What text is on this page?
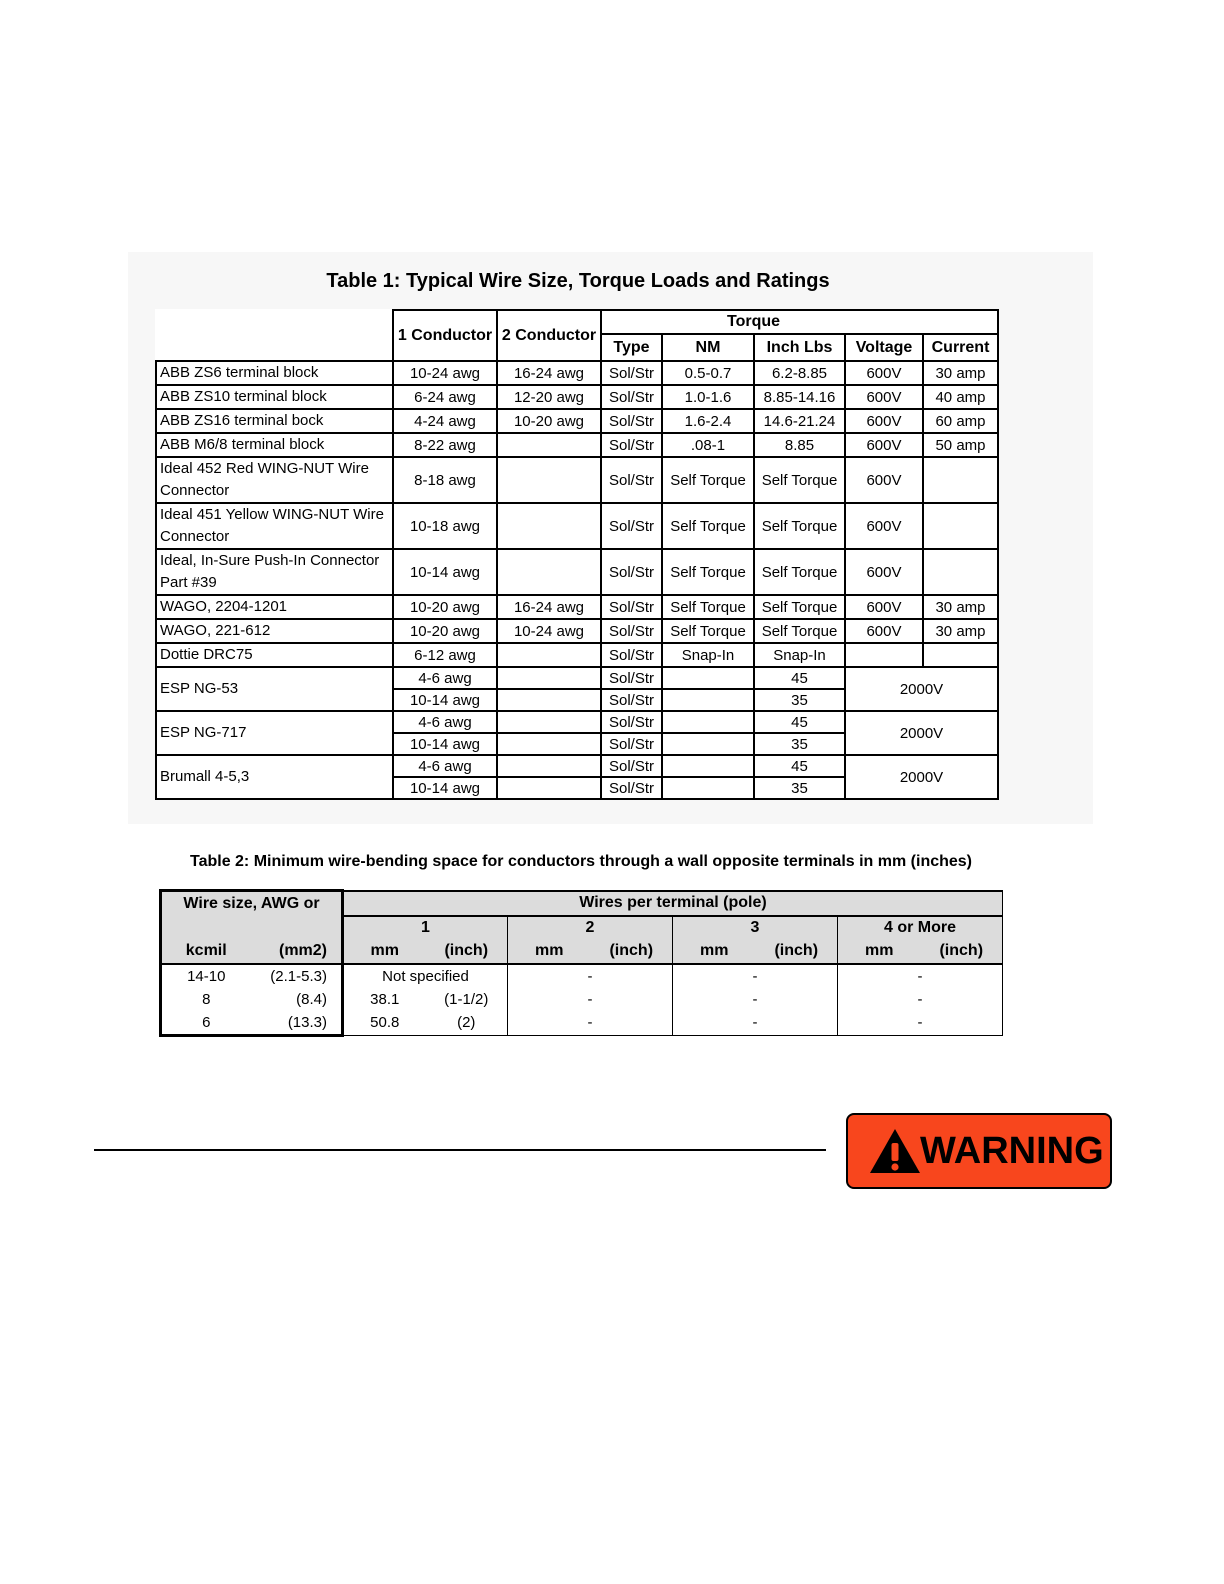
Table 1: Typical Wire Size, Torque Loads and Ratings
	1 Conductor	2 Conductor		Torque			
			Type	NM	Inch Lbs	Voltage	Current
ABB ZS6 terminal block	10-24 awg	16-24 awg	Sol/Str	0.5-0.7	6.2-8.85	600V	30 amp
ABB ZS10 terminal block	6-24 awg	12-20 awg	Sol/Str	1.0-1.6	8.85-14.16	600V	40 amp
ABB ZS16 terminal bock	4-24 awg	10-20 awg	Sol/Str	1.6-2.4	14.6-21.24	600V	60 amp
ABB M6/8 terminal block	8-22 awg		Sol/Str	.08-1	8.85	600V	50 amp
Ideal 452 Red WING-NUT Wire Connector	8-18 awg		Sol/Str	Self Torque	Self Torque	600V	
Ideal 451 Yellow WING-NUT Wire Connector	10-18 awg		Sol/Str	Self Torque	Self Torque	600V	
Ideal, In-Sure Push-In Connector Part #39	10-14 awg		Sol/Str	Self Torque	Self Torque	600V	
WAGO, 2204-1201	10-20 awg	16-24 awg	Sol/Str	Self Torque	Self Torque	600V	30 amp
WAGO, 221-612	10-20 awg	10-24 awg	Sol/Str	Self Torque	Self Torque	600V	30 amp
Dottie DRC75	6-12 awg		Sol/Str	Snap-In	Snap-In		
ESP NG-53	4-6 awg		Sol/Str		45	2000V	
	10-14 awg		Sol/Str		35		
ESP NG-717	4-6 awg		Sol/Str		45	2000V	
	10-14 awg		Sol/Str		35		
Brumall 4-5,3	4-6 awg		Sol/Str		45	2000V	
	10-14 awg		Sol/Str		35		
Table 2: Minimum wire-bending space for conductors through a wall opposite terminals in mm (inches)
Wire size, AWG or		Wires per terminal (pole)							
		1		2		3		4 or More	
kcmil	(mm2)	mm	(inch)	mm	(inch)	mm	(inch)	mm	(inch)
14-10	(2.1-5.3)	Not specified		-		-		-	
8	(8.4)	38.1	(1-1/2)	-		-		-	
6	(13.3)	50.8	(2)	-		-		-	
WARNING
